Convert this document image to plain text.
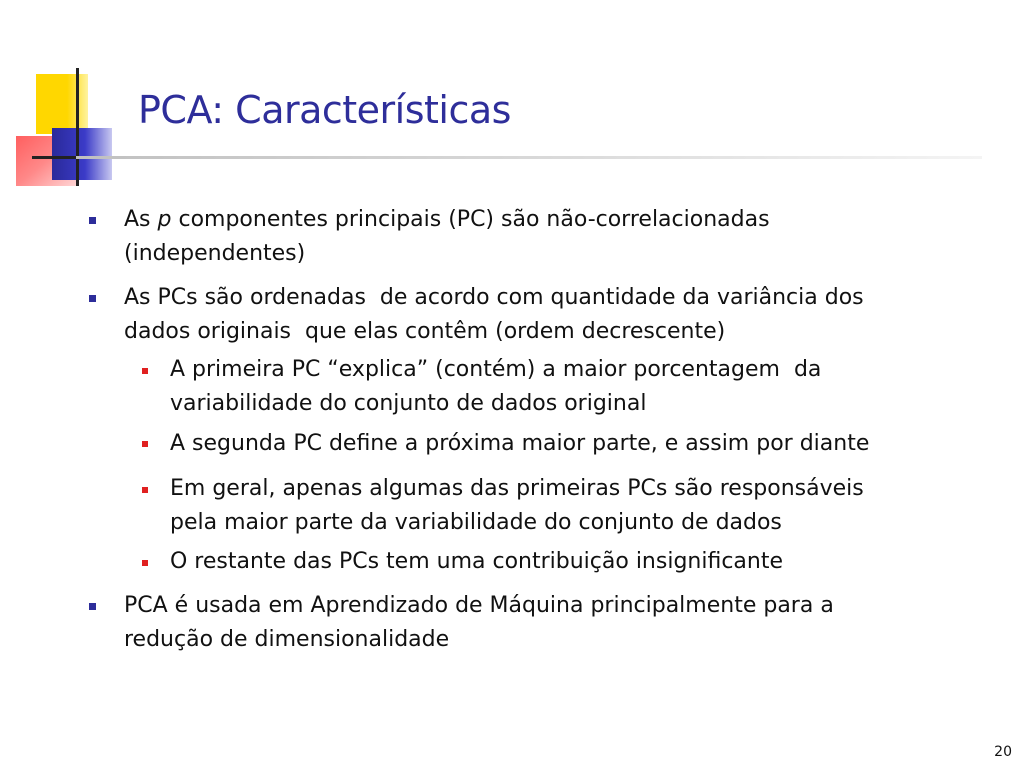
PCA: Características
As p componentes principais (PC) são não-correlacionadas
(independentes)
As PCs são ordenadas  de acordo com quantidade da variância dos
dados originais  que elas contêm (ordem decrescente)
A primeira PC “explica” (contém) a maior porcentagem  da
variabilidade do conjunto de dados original
A segunda PC define a próxima maior parte, e assim por diante
Em geral, apenas algumas das primeiras PCs são responsáveis
pela maior parte da variabilidade do conjunto de dados
O restante das PCs tem uma contribuição insignificante
PCA é usada em Aprendizado de Máquina principalmente para a
redução de dimensionalidade
20
